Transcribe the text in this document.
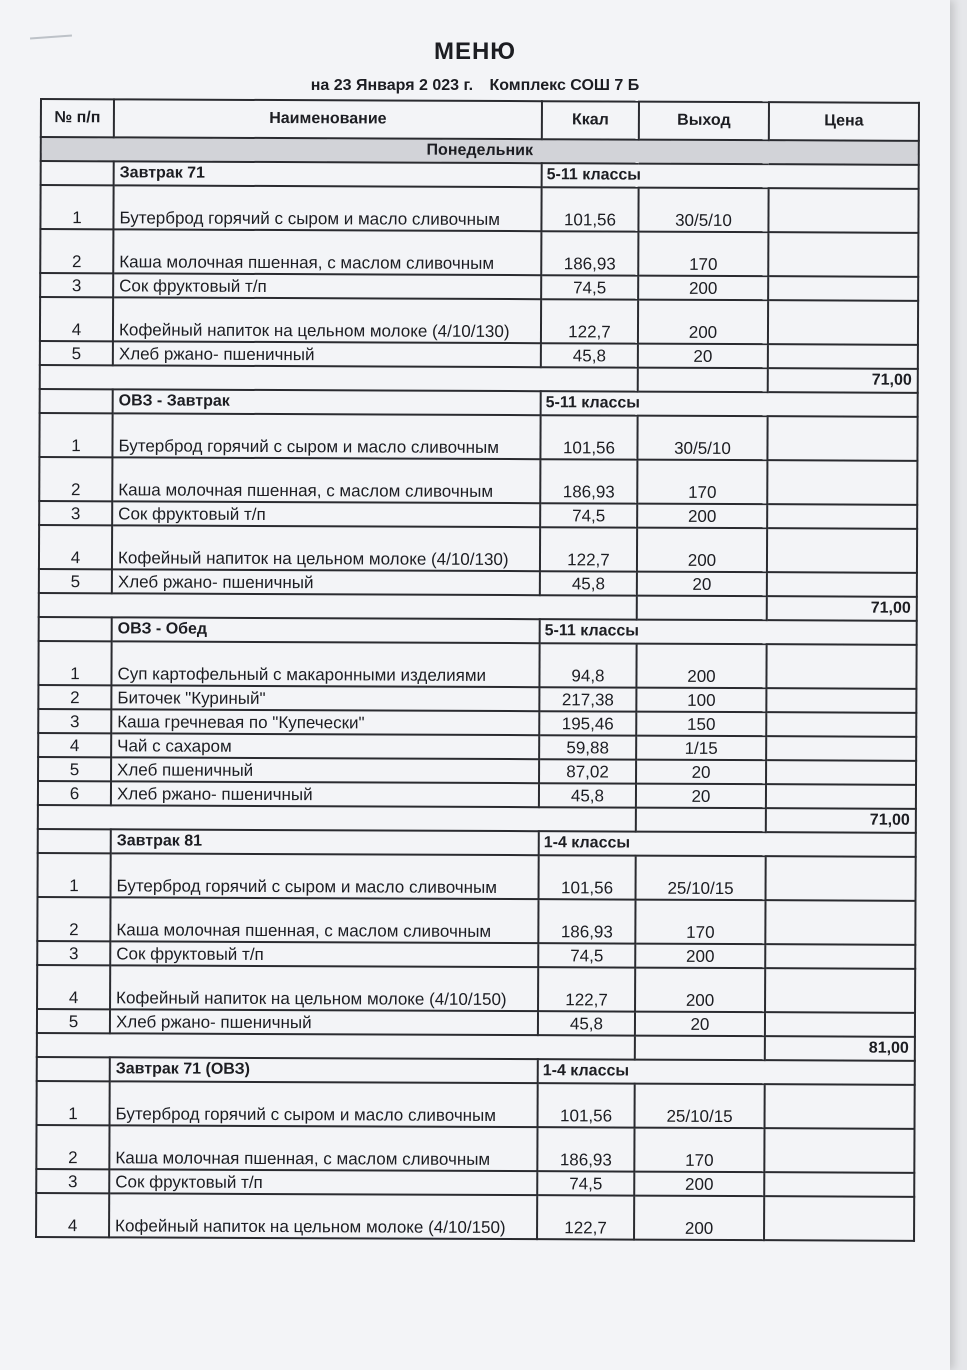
МЕНЮ
на 23 Января 2 023 г. Комплекс СОШ 7 Б
№ п/п	Наименование	Ккал	Выход	Цена
Понедельник				
	Завтрак 71	5-11 классы		
1	Бутерброд горячий с сыром и масло сливочным	101,56	30/5/10	
2	Каша молочная пшенная, с маслом сливочным	186,93	170	
3	Сок фруктовый т/п	74,5	200	
4	Кофейный напиток на цельном молоке (4/10/130)	122,7	200	
5	Хлеб ржано- пшеничный	45,8	20	
				71,00
	ОВЗ - Завтрак	5-11 классы		
1	Бутерброд горячий с сыром и масло сливочным	101,56	30/5/10	
2	Каша молочная пшенная, с маслом сливочным	186,93	170	
3	Сок фруктовый т/п	74,5	200	
4	Кофейный напиток на цельном молоке (4/10/130)	122,7	200	
5	Хлеб ржано- пшеничный	45,8	20	
				71,00
	ОВЗ - Обед	5-11 классы		
1	Суп картофельный с макаронными изделиями	94,8	200	
2	Биточек "Куриный"	217,38	100	
3	Каша гречневая по "Купечески"	195,46	150	
4	Чай с сахаром	59,88	1/15	
5	Хлеб пшеничный	87,02	20	
6	Хлеб ржано- пшеничный	45,8	20	
				71,00
	Завтрак 81	1-4 классы		
1	Бутерброд горячий с сыром и масло сливочным	101,56	25/10/15	
2	Каша молочная пшенная, с маслом сливочным	186,93	170	
3	Сок фруктовый т/п	74,5	200	
4	Кофейный напиток на цельном молоке (4/10/150)	122,7	200	
5	Хлеб ржано- пшеничный	45,8	20	
				81,00
	Завтрак 71 (ОВЗ)	1-4 классы		
1	Бутерброд горячий с сыром и масло сливочным	101,56	25/10/15	
2	Каша молочная пшенная, с маслом сливочным	186,93	170	
3	Сок фруктовый т/п	74,5	200	
4	Кофейный напиток на цельном молоке (4/10/150)	122,7	200	
